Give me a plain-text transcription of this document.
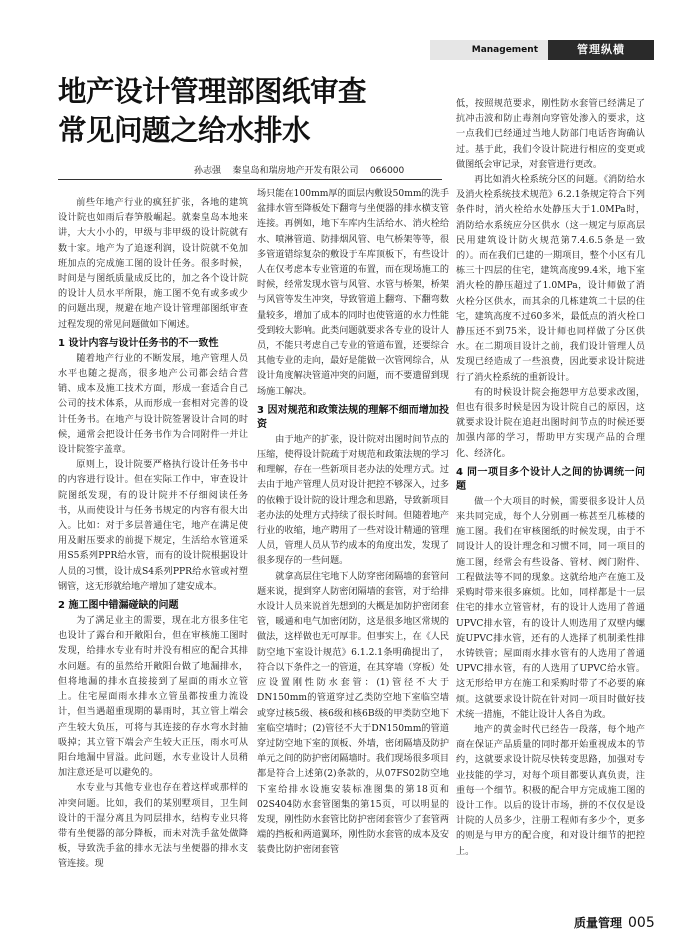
Management	管理纵横
地产设计管理部图纸审查
常见问题之给水排水
孙志强    秦皇岛和瑞房地产开发有限公司    066000

前些年地产行业的疯狂扩张，各地的建筑设计院也如雨后春笋般崛起。就秦皇岛本地来讲，大大小小的，甲级与非甲级的设计院就有数十家。地产为了追逐利润，设计院就不免加班加点的完成施工图的设计任务。很多时候，时间是与图纸质量成反比的，加之各个设计院的设计人员水平所限，施工图不免有或多或少的问题出现，规避在地产设计管理部图纸审查过程发现的常见问题做如下阐述。

1 设计内容与设计任务书的不一致性

随着地产行业的不断发展，地产管理人员水平也随之提高，很多地产公司都会结合营销、成本及施工技术方面，形成一套适合自己公司的技术体系，从而形成一套相对完善的设计任务书。在地产与设计院签署设计合同的时候，通常会把设计任务书作为合同附件一并让设计院签字盖章。

原则上，设计院要严格执行设计任务书中的内容进行设计。但在实际工作中，审查设计院图纸发现，有的设计院并不仔细阅读任务书，从而使设计与任务书规定的内容有很大出入。比如：对于多层普通住宅，地产在满足使用及耐压要求的前提下规定，生活给水管道采用S5系列PPR给水管，而有的设计院根据设计人员的习惯，设计成S4系列PPR给水管或衬塑钢管，这无形就给地产增加了建安成本。

2 施工图中错漏碰缺的问题

为了满足业主的需要，现在北方很多住宅也设计了露台和开敞阳台，但在审核施工图时发现，给排水专业有时并没有相应的配合其排水问题。有的虽然给开敞阳台做了地漏排水，但将地漏的排水直接接到了屋面的雨水立管上。住宅屋面雨水排水立管虽都按重力流设计，但当遇超重现期的暴雨时，其立管上端会产生较大负压，可将与其连接的存水弯水封抽吸掉；其立管下端会产生较大正压，雨水可从阳台地漏中冒溢。此问题，水专业设计人员稍加注意还是可以避免的。

水专业与其他专业也存在着这样或那样的冲突问题。比如，我们的某别墅项目，卫生间设计的干湿分离且为同层排水，结构专业只将带有坐便器的部分降板，而未对洗手盆处做降板，导致洗手盆的排水无法与坐便器的排水支管连接。现

场只能在100mm厚的面层内敷设50mm的洗手盆排水管至降板处下翻弯与坐便器的排水横支管连接。再例如，地下车库内生活给水、消火栓给水、喷淋管道、防排烟风管、电气桥架等等，很多管道错综复杂的敷设于车库顶板下，有些设计人在仅考虑本专业管道的布置，而在现场施工的时候，经常发现水管与风管、水管与桥架，桥架与风管等发生冲突，导致管道上翻弯、下翻弯数量较多，增加了成本的同时也使管道的水力性能受到较大影响。此类问题就要求各专业的设计人员，不能只考虑自己专业的管道布置，还要综合其他专业的走向，最好是能做一次管网综合，从设计角度解决管道冲突的问题，而不要遗留到现场施工解决。

3 因对规范和政策法规的理解不细而增加投资

由于地产的扩张，设计院对出图时间节点的压缩，使得设计院疏于对规范和政策法规的学习和理解，存在一些新项目老办法的处理方式。过去由于地产管理人员对设计把控不够深入，过多的依赖于设计院的设计理念和思路，导致新项目老办法的处理方式持续了很长时间。但随着地产行业的收缩，地产聘用了一些对设计精通的管理人员，管理人员从节约成本的角度出发，发现了很多现存的一些问题。

就拿高层住宅地下人防穿密闭隔墙的套管问题来说，提到穿人防密闭隔墙的套管，对于给排水设计人员来说首先想到的大概是加防护密闭套管，暖通和电气加密闭防，这是很多地区常规的做法，这样做也无可厚非。但事实上，在《人民防空地下室设计规范》6.1.2.1条明确提出了，符合以下条件之一的管道，在其穿墙（穿板）处应设置刚性防水套管：(1)管径不大于DN150mm的管道穿过乙类防空地下室临空墙或穿过核5级、核6级和核6B级的甲类防空地下室临空墙时；(2)管径不大于DN150mm的管道穿过防空地下室的顶板、外墙，密闭隔墙及防护单元之间的防护密闭隔墙时。我们现场很多项目都是符合上述第(2)条款的，从07FS02防空地下室给排水设施安装标准图集的第18页和02S404防水套管图集的第15页，可以明显的发现，刚性防水套管比防护密闭套管少了套管两端的挡板和两道翼环，刚性防水套管的成本及安装费比防护密闭套管

低，按照规范要求，刚性防水套管已经满足了抗冲击波和防止毒剂向穿管处渗入的要求，这一点我们已经通过当地人防部门电话咨询确认过。基于此，我们令设计院进行相应的变更或做图纸会审记录，对套管进行更改。

再比如消火栓系统分区的问题。《消防给水及消火栓系统技术规范》6.2.1条规定符合下列条件时，消火栓给水处静压大于1.0MPa时，消防给水系统应分区供水（这一规定与原高层民用建筑设计防火规范第7.4.6.5条是一致的）。而在我们已建的一期项目，整个小区有几栋三十四层的住宅，建筑高度99.4米，地下室消火栓的静压超过了1.0MPa，设计师做了消火栓分区供水，而其余的几栋建筑二十层的住宅，建筑高度不过60多米，最低点的消火栓口静压还不到75米，设计师也同样做了分区供水。在二期项目设计之前，我们设计管理人员发现已经造成了一些浪费，因此要求设计院进行了消火栓系统的重新设计。

有的时候设计院会拖怨甲方总要求改图，但也有很多时候是因为设计院自己的原因，这就要求设计院在追赶出图时间节点的时候还要加强内部的学习，帮助甲方实现产品的合理化、经济化。

4 同一项目多个设计人之间的协调统一问题

做一个大项目的时候，需要很多设计人员来共同完成，每个人分别画一栋甚至几栋楼的施工图。我们在审核图纸的时候发现，由于不同设计人的设计理念和习惯不同，同一项目的施工图，经常会有些设备、管材、阀门附件、工程做法等不同的现象。这就给地产在施工及采购时带来很多麻烦。比如，同样都是十一层住宅的排水立管管材，有的设计人选用了普通UPVC排水管，有的设计人则选用了双壁内螺旋UPVC排水管，还有的人选择了机制柔性排水铸铁管；屋面雨水排水管有的人选用了普通UPVC排水管，有的人选用了UPVC给水管。这无形给甲方在施工和采购时带了不必要的麻烦。这就要求设计院在针对同一项目时做好技术统一措施，不能让设计人各自为政。

地产的黄金时代已经告一段落，每个地产商在保证产品质量的同时都开始重视成本的节约，这就要求设计院尽快转变思路，加强对专业技能的学习，对每个项目都要认真负责，注重每一个细节。积极的配合甲方完成施工图的设计工作。以后的设计市场，拼的不仅仅是设计院的人员多少，注册工程师有多少个，更多的则是与甲方的配合度，和对设计细节的把控上。

质量管理 005
